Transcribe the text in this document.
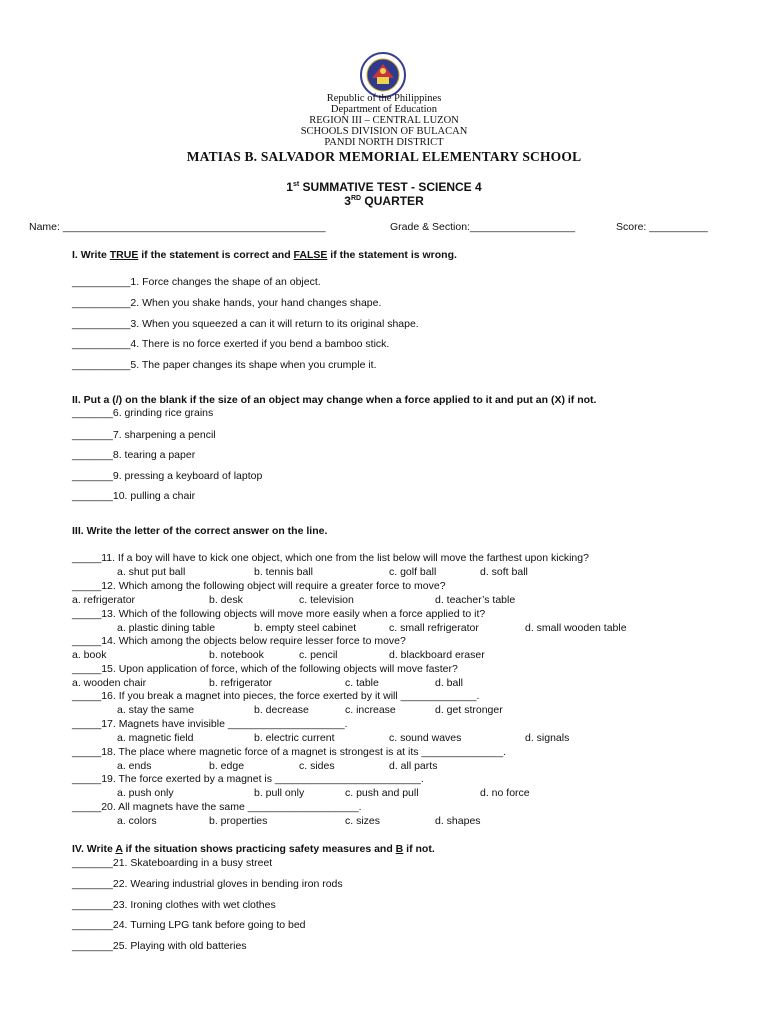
Republic of the Philippines
Department of Education
REGION III – CENTRAL LUZON
SCHOOLS DIVISION OF BULACAN
PANDI NORTH DISTRICT
MATIAS B. SALVADOR MEMORIAL ELEMENTARY SCHOOL
1st SUMMATIVE TEST - SCIENCE 4
3RD QUARTER
Name: _____________________________________________	Grade & Section:__________________	Score: __________
I. Write TRUE if the statement is correct and FALSE if the statement is wrong.
__________1. Force changes the shape of an object.
__________2. When you shake hands, your hand changes shape.
__________3. When you squeezed a can it will return to its original shape.
__________4. There is no force exerted if you bend a bamboo stick.
__________5. The paper changes its shape when you crumple it.
II. Put a (/) on the blank if the size of an object may change when a force applied to it and put an (X) if not.
_______6. grinding rice grains
_______7. sharpening a pencil
_______8. tearing a paper
_______9. pressing a keyboard of laptop
_______10. pulling a chair
III. Write the letter of the correct answer on the line.
_____11. If a boy will have to kick one object, which one from the list below will move the farthest upon kicking?
a. shut put ball	b. tennis ball	c. golf ball	d. soft ball
_____12. Which among the following object will require a greater force to move?
a. refrigerator	b. desk	c. television	d. teacher’s table
_____13. Which of the following objects will move more easily when a force applied to it?
a. plastic dining table	b. empty steel cabinet	c. small refrigerator	d. small wooden table
_____14. Which among the objects below require lesser force to move?
a. book	b. notebook	c. pencil	d. blackboard eraser
_____15. Upon application of force, which of the following objects will move faster?
a. wooden chair	b. refrigerator	c. table	d. ball
_____16. If you break a magnet into pieces, the force exerted by it will _____________.
a. stay the same	b. decrease	c. increase	d. get stronger
_____17. Magnets have invisible ____________________.
a. magnetic field	b. electric current	c. sound waves	d. signals
_____18. The place where magnetic force of a magnet is strongest is at its ______________.
a. ends	b. edge	c. sides	d. all parts
_____19. The force exerted by a magnet is _________________________.
a. push only	b. pull only	c. push and pull	d. no force
_____20. All magnets have the same ___________________.
a. colors	b. properties	c. sizes	d. shapes
IV. Write A if the situation shows practicing safety measures and B if not.
_______21. Skateboarding in a busy street
_______22. Wearing industrial gloves in bending iron rods
_______23. Ironing clothes with wet clothes
_______24. Turning LPG tank before going to bed
_______25. Playing with old batteries
